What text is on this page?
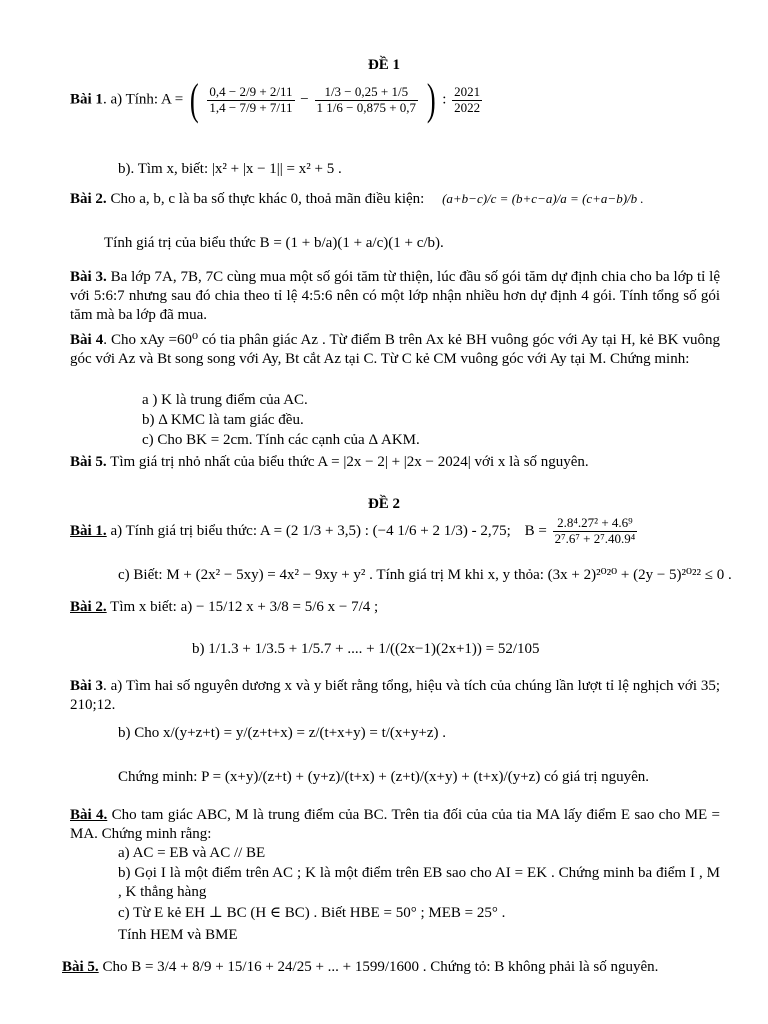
ĐỀ 1
Bài 1. a) Tính: A = ( $\frac{0,4 - 2/9 + 2/11}{1,4 - 7/9 + 7/11} - \frac{1/3 - 0,25 + 1/5}{1 1/6 - 0,875 + 0,7}$ ) : $\frac{2021}{2022}$
b). Tìm x, biết: |x² + |x − 1|| = x² + 5 .
Bài 2. Cho a, b, c là ba số thực khác 0, thoả mãn điều kiện: (a+b−c)/c = (b+c−a)/a = (c+a−b)/b .
Tính giá trị của biểu thức B = (1 + b/a)(1 + a/c)(1 + c/b).
Bài 3. Ba lớp 7A, 7B, 7C cùng mua một số gói tăm từ thiện, lúc đầu số gói tăm dự định chia cho ba lớp tỉ lệ với 5:6:7 nhưng sau đó chia theo tỉ lệ 4:5:6 nên có một lớp nhận nhiều hơn dự định 4 gói. Tính tổng số gói tăm mà ba lớp đã mua.
Bài 4. Cho xAy =60⁰ có tia phân giác Az . Từ điểm B trên Ax kẻ BH vuông góc với Ay tại H, kẻ BK vuông góc với Az và Bt song song với Ay, Bt cắt Az tại C. Từ C kẻ CM vuông góc với Ay tại M. Chứng minh:
a ) K là trung điểm của AC.
b) Δ KMC là tam giác đều.
c) Cho BK = 2cm. Tính các cạnh của Δ AKM.
Bài 5. Tìm giá trị nhỏ nhất của biểu thức A = |2x − 2| + |2x − 2024| với x là số nguyên.
ĐỀ 2
Bài 1. a) Tính giá trị biểu thức: A = (2 1/3 + 3,5) : (−4 1/6 + 2 1/3) - 2,75; $B = \frac{\text{2.8⁴.27² + 4.6⁹}}{\text{2⁷.6⁷ + 2⁷.40.9⁴}}$
c) Biết: M + (2x² − 5xy) = 4x² − 9xy + y² . Tính giá trị M khi x, y thỏa: (3x + 2)²⁰²⁰ + (2y − 5)²⁰²² ≤ 0 .
Bài 2. Tìm x biết: a) − 15/12 x + 3/8 = 5/6 x − 7/4 ;
b) 1/1.3 + 1/3.5 + 1/5.7 + .... + 1/((2x−1)(2x+1)) = 52/105
Bài 3. a) Tìm hai số nguyên dương x và y biết rằng tổng, hiệu và tích của chúng lần lượt tỉ lệ nghịch với 35; 210;12.
b) Cho x/(y+z+t) = y/(z+t+x) = z/(t+x+y) = t/(x+y+z) .
Chứng minh: P = (x+y)/(z+t) + (y+z)/(t+x) + (z+t)/(x+y) + (t+x)/(y+z) có giá trị nguyên.
Bài 4. Cho tam giác ABC, M là trung điểm của BC. Trên tia đối của của tia MA lấy điểm E sao cho ME = MA. Chứng minh rằng:
a) AC = EB và AC // BE
b) Gọi I là một điểm trên AC ; K là một điểm trên EB sao cho AI = EK . Chứng minh ba điểm I , M , K thẳng hàng
c) Từ E kẻ EH ⊥ BC (H ∈ BC) . Biết HBE = 50° ; MEB = 25° .
Tính HEM và BME
Bài 5. Cho B = 3/4 + 8/9 + 15/16 + 24/25 + ... + 1599/1600 . Chứng tỏ: B không phải là số nguyên.
